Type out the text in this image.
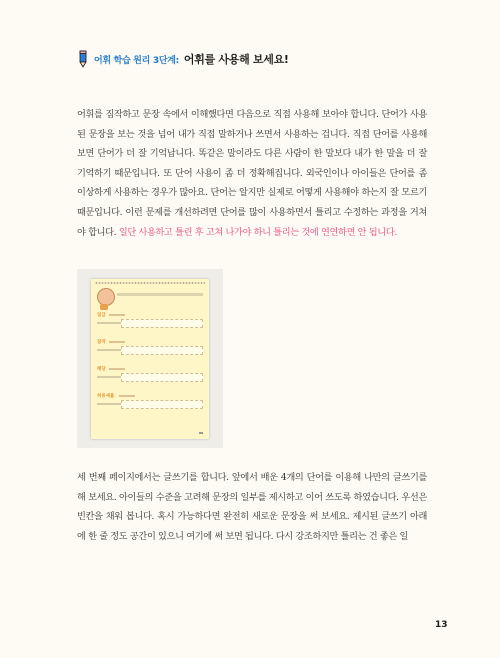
어휘 학습 원리 3단계: 어휘를 사용해 보세요!

어휘를 짐작하고 문장 속에서 이해했다면 다음으로 직접 사용해 보아야 합니다. 단어가 사용된 문장을 보는 것을 넘어 내가 직접 말하거나 쓰면서 사용하는 겁니다. 직접 단어를 사용해 보면 단어가 더 잘 기억납니다. 똑같은 말이라도 다른 사람이 한 말보다 내가 한 말을 더 잘 기억하기 때문입니다. 또 단어 사용이 좀 더 정확해집니다. 외국인이나 아이들은 단어를 좀 이상하게 사용하는 경우가 많아요. 단어는 알지만 실제로 어떻게 사용해야 하는지 잘 모르기 때문입니다. 이런 문제를 개선하려면 단어를 많이 사용하면서 틀리고 수정하는 과정을 거쳐야 합니다. 일단 사용하고 틀린 후 고쳐 나가야 하니 틀리는 것에 연연하면 안 됩니다.

일급
참작
해당
허용세율

세 번째 페이지에서는 글쓰기를 합니다. 앞에서 배운 4개의 단어를 이용해 나만의 글쓰기를 해 보세요. 아이들의 수준을 고려해 문장의 일부를 제시하고 이어 쓰도록 하였습니다. 우선은 빈칸을 채워 봅니다. 혹시 가능하다면 완전히 새로운 문장을 써 보세요. 제시된 글쓰기 아래에 한 줄 정도 공간이 있으니 여기에 써 보면 됩니다. 다시 강조하지만 틀리는 건 좋은 일

13
